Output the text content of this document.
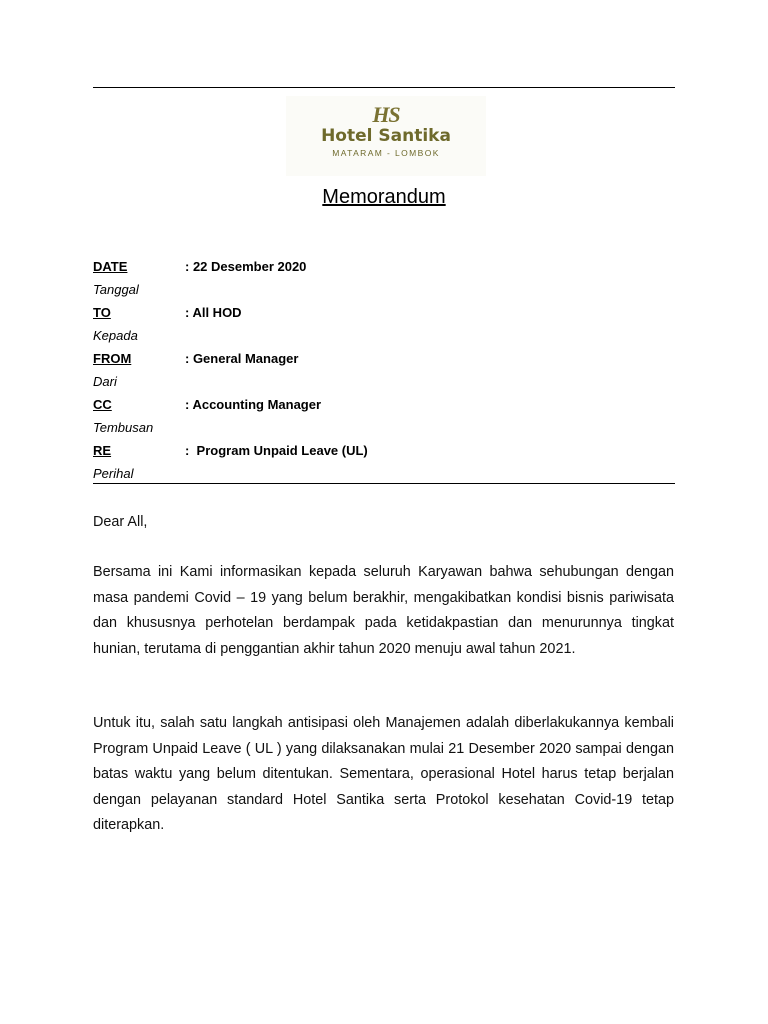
HS
Hotel Santika
MATARAM - LOMBOK
Memorandum
DATE	: 22 Desember 2020
Tanggal
TO	: All HOD
Kepada
FROM	: General Manager
Dari
CC	: Accounting Manager
Tembusan
RE	:  Program Unpaid Leave (UL)
Perihal
Dear All,
Bersama ini Kami informasikan kepada seluruh Karyawan bahwa sehubungan dengan masa pandemi Covid – 19 yang belum berakhir, mengakibatkan kondisi bisnis pariwisata dan khususnya perhotelan berdampak pada ketidakpastian dan menurunnya tingkat hunian, terutama di penggantian akhir tahun 2020 menuju awal tahun 2021.
Untuk itu, salah satu langkah antisipasi oleh Manajemen adalah diberlakukannya kembali Program Unpaid Leave ( UL ) yang dilaksanakan mulai 21 Desember 2020 sampai dengan batas waktu yang belum ditentukan. Sementara, operasional Hotel harus tetap berjalan dengan pelayanan standard Hotel Santika serta Protokol kesehatan Covid-19 tetap diterapkan.
